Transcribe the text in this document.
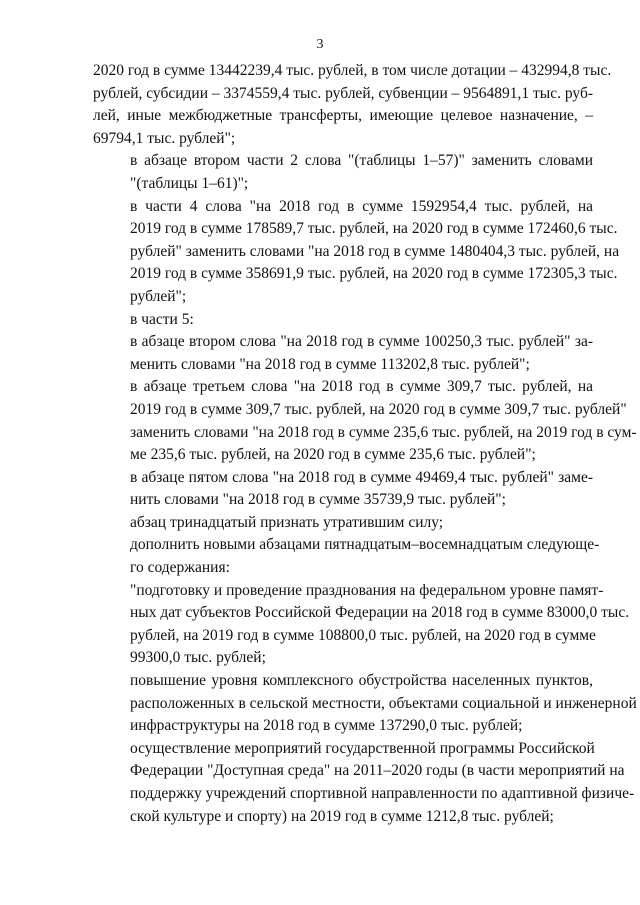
3
2020 год в сумме 13442239,4 тыс. рублей, в том числе дотации – 432994,8 тыс.
рублей, субсидии – 3374559,4 тыс. рублей, субвенции – 9564891,1 тыс. руб-
лей, иные межбюджетные трансферты, имеющие целевое назначение, –
69794,1 тыс. рублей";
в абзаце втором части 2 слова "(таблицы 1–57)" заменить словами
"(таблицы 1–61)";
в части 4 слова "на 2018 год в сумме 1592954,4 тыс. рублей, на
2019 год в сумме 178589,7 тыс. рублей, на 2020 год в сумме 172460,6 тыс.
рублей" заменить словами "на 2018 год в сумме 1480404,3 тыс. рублей, на
2019 год в сумме 358691,9 тыс. рублей, на 2020 год в сумме 172305,3 тыс.
рублей";
в части 5:
в абзаце втором слова "на 2018 год в сумме 100250,3 тыс. рублей" за-
менить словами "на 2018 год в сумме 113202,8 тыс. рублей";
в абзаце третьем слова "на 2018 год в сумме 309,7 тыс. рублей, на
2019 год в сумме 309,7 тыс. рублей, на 2020 год в сумме 309,7 тыс. рублей"
заменить словами "на 2018 год в сумме 235,6 тыс. рублей, на 2019 год в сум-
ме 235,6 тыс. рублей, на 2020 год в сумме 235,6 тыс. рублей";
в абзаце пятом слова "на 2018 год в сумме 49469,4 тыс. рублей" заме-
нить словами "на 2018 год в сумме 35739,9 тыс. рублей";
абзац тринадцатый признать утратившим силу;
дополнить новыми абзацами пятнадцатым–восемнадцатым следующе-
го содержания:
"подготовку и проведение празднования на федеральном уровне памят-
ных дат субъектов Российской Федерации на 2018 год в сумме 83000,0 тыс.
рублей, на 2019 год в сумме 108800,0 тыс. рублей, на 2020 год в сумме
99300,0 тыс. рублей;
повышение уровня комплексного обустройства населенных пунктов,
расположенных в сельской местности, объектами социальной и инженерной
инфраструктуры на 2018 год в сумме 137290,0 тыс. рублей;
осуществление мероприятий государственной программы Российской
Федерации "Доступная среда" на 2011–2020 годы (в части мероприятий на
поддержку учреждений спортивной направленности по адаптивной физиче-
ской культуре и спорту) на 2019 год в сумме 1212,8 тыс. рублей;
